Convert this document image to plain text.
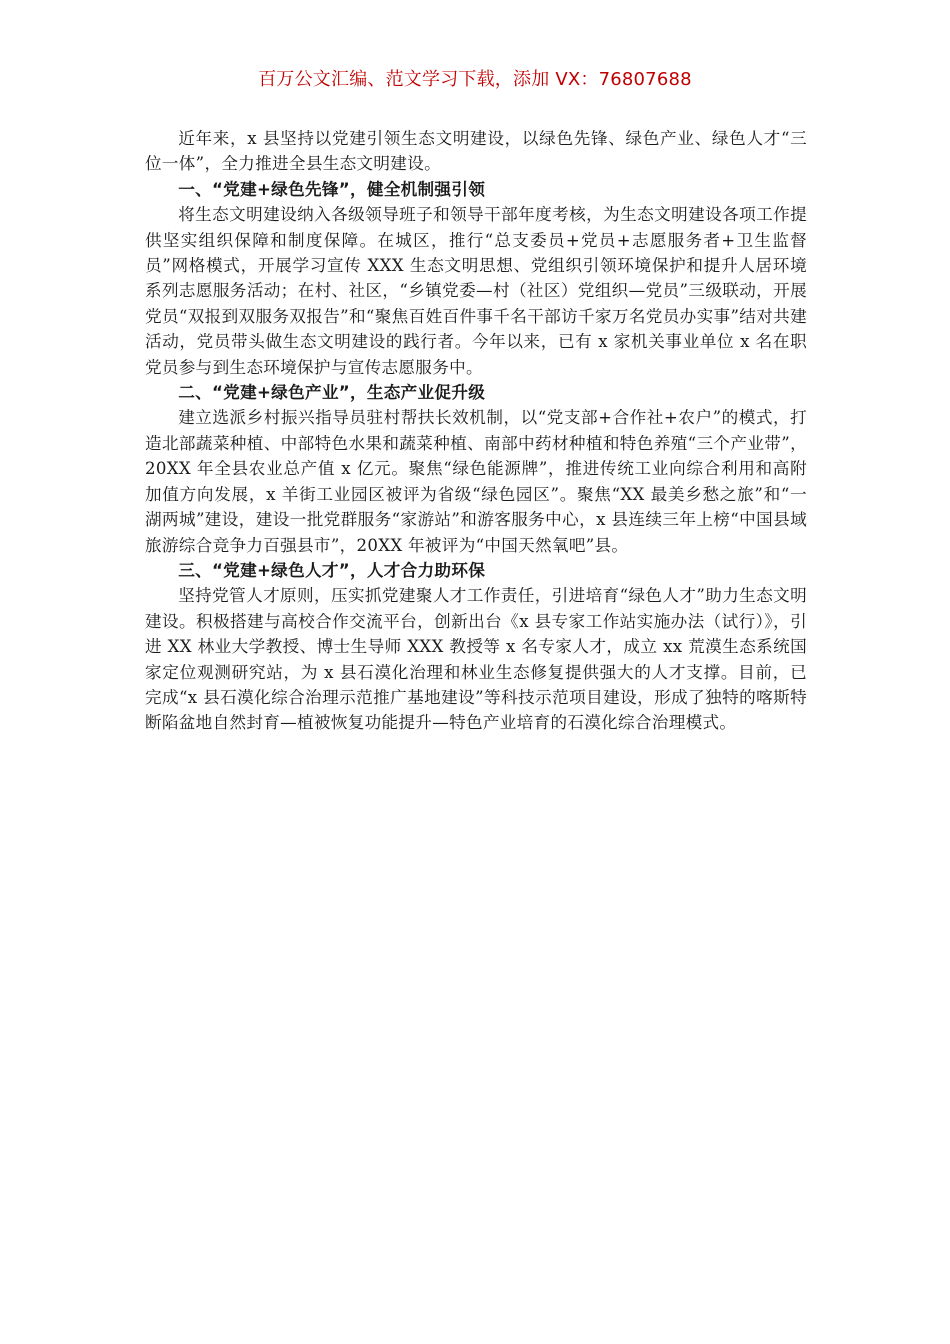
百万公文汇编、范文学习下载，添加 VX：76807688

近年来，x 县坚持以党建引领生态文明建设，以绿色先锋、绿色产业、绿色人才“三位一体”，全力推进全县生态文明建设。

一、“党建+绿色先锋”，健全机制强引领

将生态文明建设纳入各级领导班子和领导干部年度考核，为生态文明建设各项工作提供坚实组织保障和制度保障。在城区，推行“总支委员+党员+志愿服务者+卫生监督员”网格模式，开展学习宣传 XXX 生态文明思想、党组织引领环境保护和提升人居环境系列志愿服务活动；在村、社区，“乡镇党委—村（社区）党组织—党员”三级联动，开展党员“双报到双服务双报告”和“聚焦百姓百件事千名干部访千家万名党员办实事”结对共建活动，党员带头做生态文明建设的践行者。今年以来，已有 x 家机关事业单位 x 名在职党员参与到生态环境保护与宣传志愿服务中。

二、“党建+绿色产业”，生态产业促升级

建立选派乡村振兴指导员驻村帮扶长效机制，以“党支部+合作社+农户”的模式，打造北部蔬菜种植、中部特色水果和蔬菜种植、南部中药材种植和特色养殖“三个产业带”，20XX 年全县农业总产值 x 亿元。聚焦“绿色能源牌”，推进传统工业向综合利用和高附加值方向发展，x 羊街工业园区被评为省级“绿色园区”。聚焦“XX 最美乡愁之旅”和“一湖两城”建设，建设一批党群服务“家游站”和游客服务中心，x 县连续三年上榜“中国县域旅游综合竞争力百强县市”，20XX 年被评为“中国天然氧吧”县。

三、“党建+绿色人才”，人才合力助环保

坚持党管人才原则，压实抓党建聚人才工作责任，引进培育“绿色人才”助力生态文明建设。积极搭建与高校合作交流平台，创新出台《x 县专家工作站实施办法（试行）》，引进 XX 林业大学教授、博士生导师 XXX 教授等 x 名专家人才，成立 xx 荒漠生态系统国家定位观测研究站，为 x 县石漠化治理和林业生态修复提供强大的人才支撑。目前，已完成“x 县石漠化综合治理示范推广基地建设”等科技示范项目建设，形成了独特的喀斯特断陷盆地自然封育—植被恢复功能提升—特色产业培育的石漠化综合治理模式。
